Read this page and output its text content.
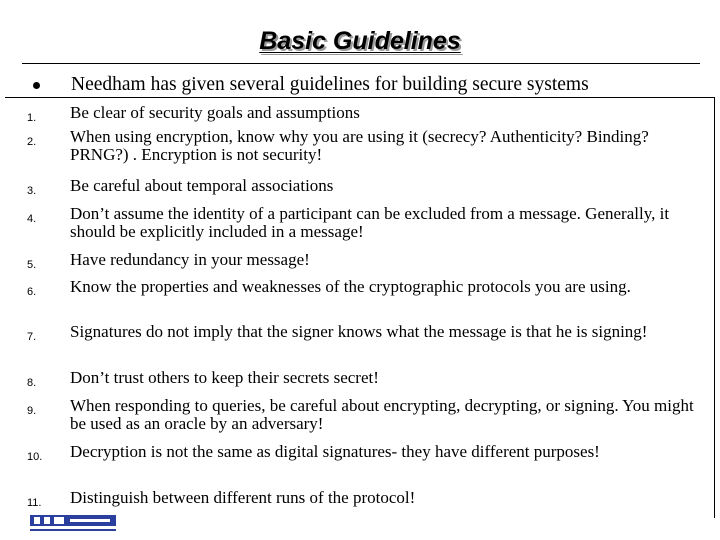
Basic Guidelines
Needham has given several guidelines for building secure systems
1.	Be clear of security goals and assumptions
2.	When using encryption, know why you are using it (secrecy? Authenticity? Binding? PRNG?) . Encryption is not security!
3.	Be careful about temporal associations
4.	Don’t assume the identity of a participant can be excluded from a message. Generally, it should be explicitly included in a message!
5.	Have redundancy in your message!
6.	Know the properties and weaknesses of the cryptographic protocols you are using.
7.	Signatures do not imply that the signer knows what the message is that he is signing!
8.	Don’t trust others to keep their secrets secret!
9.	When responding to queries, be careful about encrypting, decrypting, or signing. You might be used as an oracle by an adversary!
10.	Decryption is not the same as digital signatures- they have different purposes!
11.	Distinguish between different runs of the protocol!
